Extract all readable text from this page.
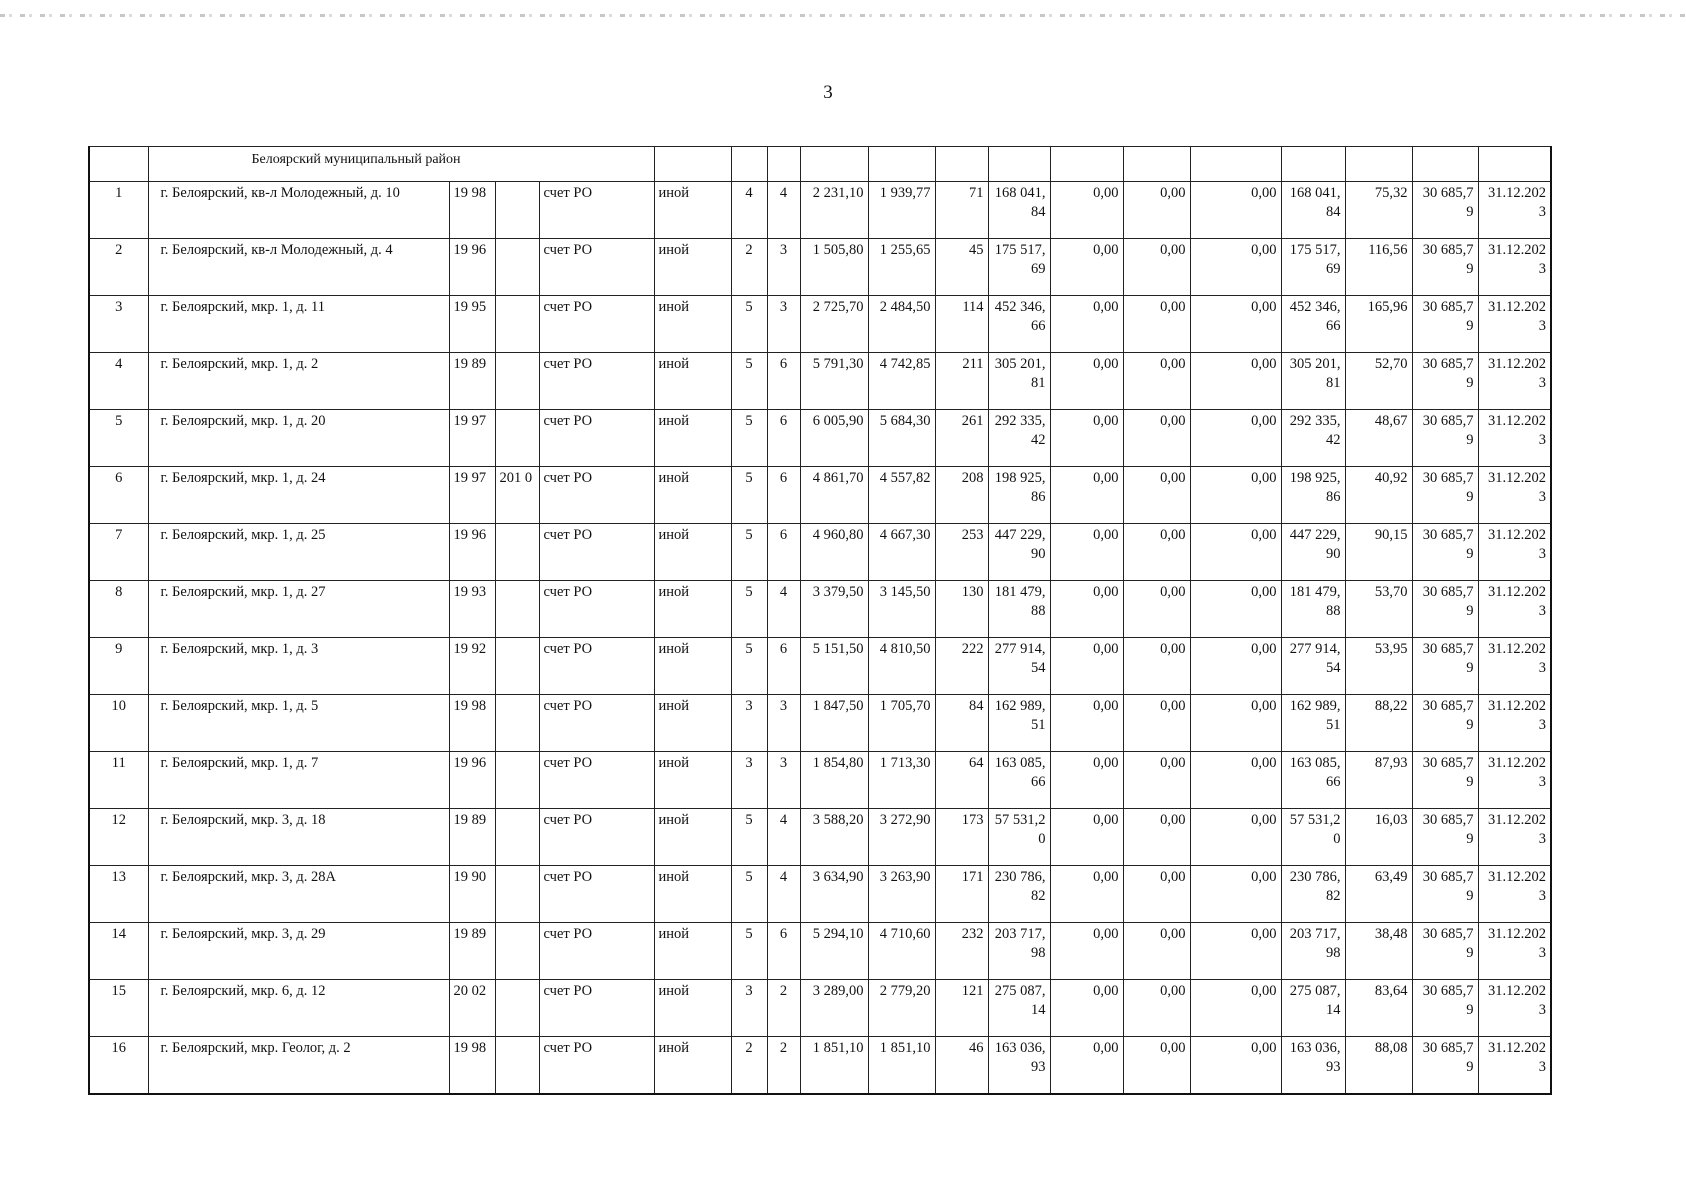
3
	Белоярский муниципальный район																	
1	г. Белоярский, кв-л Молодежный, д. 10	19 98		счет РО	иной	4	4	2 231,10	1 939,77	71	168 041,84	0,00	0,00	0,00	168 041,84	75,32	30 685,79	31.12.2023
2	г. Белоярский, кв-л Молодежный, д. 4	19 96		счет РО	иной	2	3	1 505,80	1 255,65	45	175 517,69	0,00	0,00	0,00	175 517,69	116,56	30 685,79	31.12.2023
3	г. Белоярский, мкр. 1, д. 11	19 95		счет РО	иной	5	3	2 725,70	2 484,50	114	452 346,66	0,00	0,00	0,00	452 346,66	165,96	30 685,79	31.12.2023
4	г. Белоярский, мкр. 1, д. 2	19 89		счет РО	иной	5	6	5 791,30	4 742,85	211	305 201,81	0,00	0,00	0,00	305 201,81	52,70	30 685,79	31.12.2023
5	г. Белоярский, мкр. 1, д. 20	19 97		счет РО	иной	5	6	6 005,90	5 684,30	261	292 335,42	0,00	0,00	0,00	292 335,42	48,67	30 685,79	31.12.2023
6	г. Белоярский, мкр. 1, д. 24	19 97	201 0	счет РО	иной	5	6	4 861,70	4 557,82	208	198 925,86	0,00	0,00	0,00	198 925,86	40,92	30 685,79	31.12.2023
7	г. Белоярский, мкр. 1, д. 25	19 96		счет РО	иной	5	6	4 960,80	4 667,30	253	447 229,90	0,00	0,00	0,00	447 229,90	90,15	30 685,79	31.12.2023
8	г. Белоярский, мкр. 1, д. 27	19 93		счет РО	иной	5	4	3 379,50	3 145,50	130	181 479,88	0,00	0,00	0,00	181 479,88	53,70	30 685,79	31.12.2023
9	г. Белоярский, мкр. 1, д. 3	19 92		счет РО	иной	5	6	5 151,50	4 810,50	222	277 914,54	0,00	0,00	0,00	277 914,54	53,95	30 685,79	31.12.2023
10	г. Белоярский, мкр. 1, д. 5	19 98		счет РО	иной	3	3	1 847,50	1 705,70	84	162 989,51	0,00	0,00	0,00	162 989,51	88,22	30 685,79	31.12.2023
11	г. Белоярский, мкр. 1, д. 7	19 96		счет РО	иной	3	3	1 854,80	1 713,30	64	163 085,66	0,00	0,00	0,00	163 085,66	87,93	30 685,79	31.12.2023
12	г. Белоярский, мкр. 3, д. 18	19 89		счет РО	иной	5	4	3 588,20	3 272,90	173	57 531,20	0,00	0,00	0,00	57 531,20	16,03	30 685,79	31.12.2023
13	г. Белоярский, мкр. 3, д. 28А	19 90		счет РО	иной	5	4	3 634,90	3 263,90	171	230 786,82	0,00	0,00	0,00	230 786,82	63,49	30 685,79	31.12.2023
14	г. Белоярский, мкр. 3, д. 29	19 89		счет РО	иной	5	6	5 294,10	4 710,60	232	203 717,98	0,00	0,00	0,00	203 717,98	38,48	30 685,79	31.12.2023
15	г. Белоярский, мкр. 6, д. 12	20 02		счет РО	иной	3	2	3 289,00	2 779,20	121	275 087,14	0,00	0,00	0,00	275 087,14	83,64	30 685,79	31.12.2023
16	г. Белоярский, мкр. Геолог, д. 2	19 98		счет РО	иной	2	2	1 851,10	1 851,10	46	163 036,93	0,00	0,00	0,00	163 036,93	88,08	30 685,79	31.12.2023
